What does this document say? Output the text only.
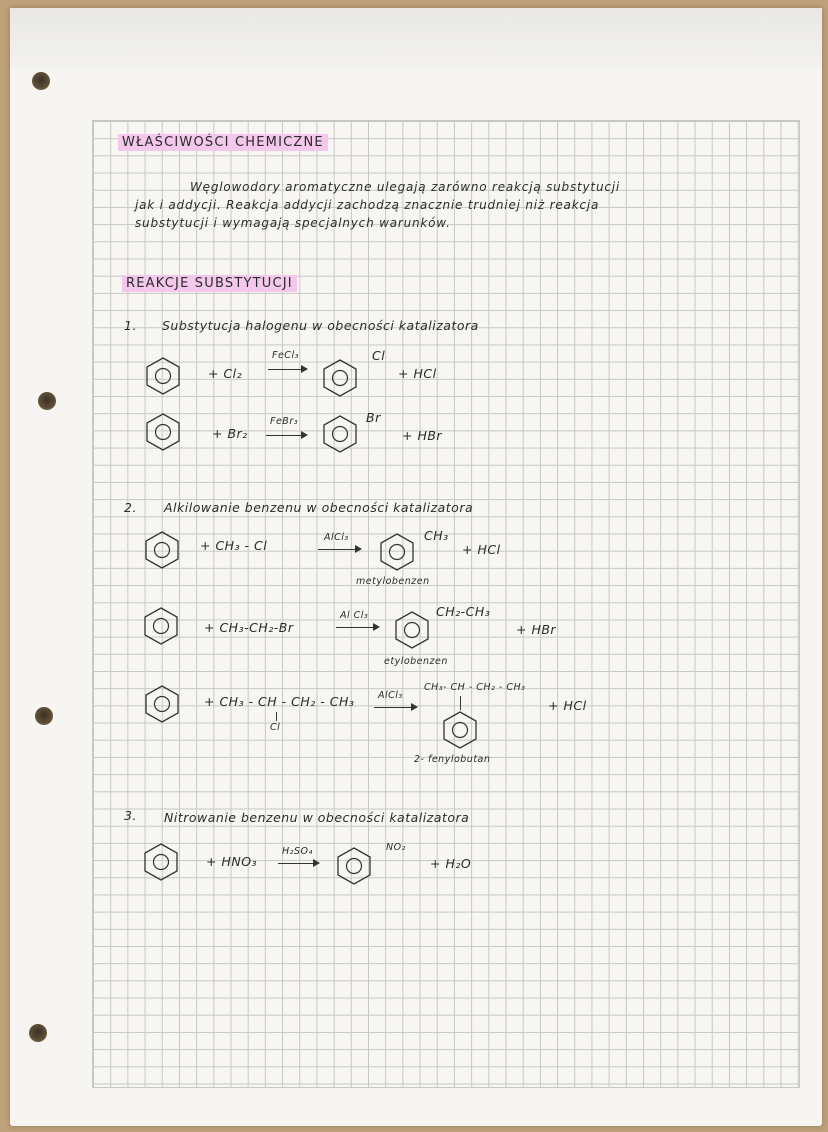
WŁAŚCIWOŚCI CHEMICZNE
Węglowodory aromatyczne ulegają zarówno reakcją substytucji
jak i addycji. Reakcja addycji zachodzą znacznie trudniej niż reakcja
substytucji i wymagają specjalnych warunków.
REAKCJE SUBSTYTUCJI
1. Substytucja halogenu w obecności katalizatora
+ Cl₂
FeCl₃	Cl
+ HCl
+ Br₂
FeBr₃	Br
+ HBr
2. Alkilowanie benzenu w obecności katalizatora
+ CH₃ - Cl
AlCl₃	CH₃
+ HCl
metylobenzen
+ CH₃-CH₂-Br
Al Cl₃	CH₂-CH₃
+ HBr
etylobenzen
+ CH₃ - CH - CH₂ - CH₃
Cl
AlCl₃
CH₃- CH - CH₂ - CH₃
+ HCl
2- fenylobutan
3. Nitrowanie benzenu w obecności katalizatora
+ HNO₃
H₂SO₄	NO₂
+ H₂O
